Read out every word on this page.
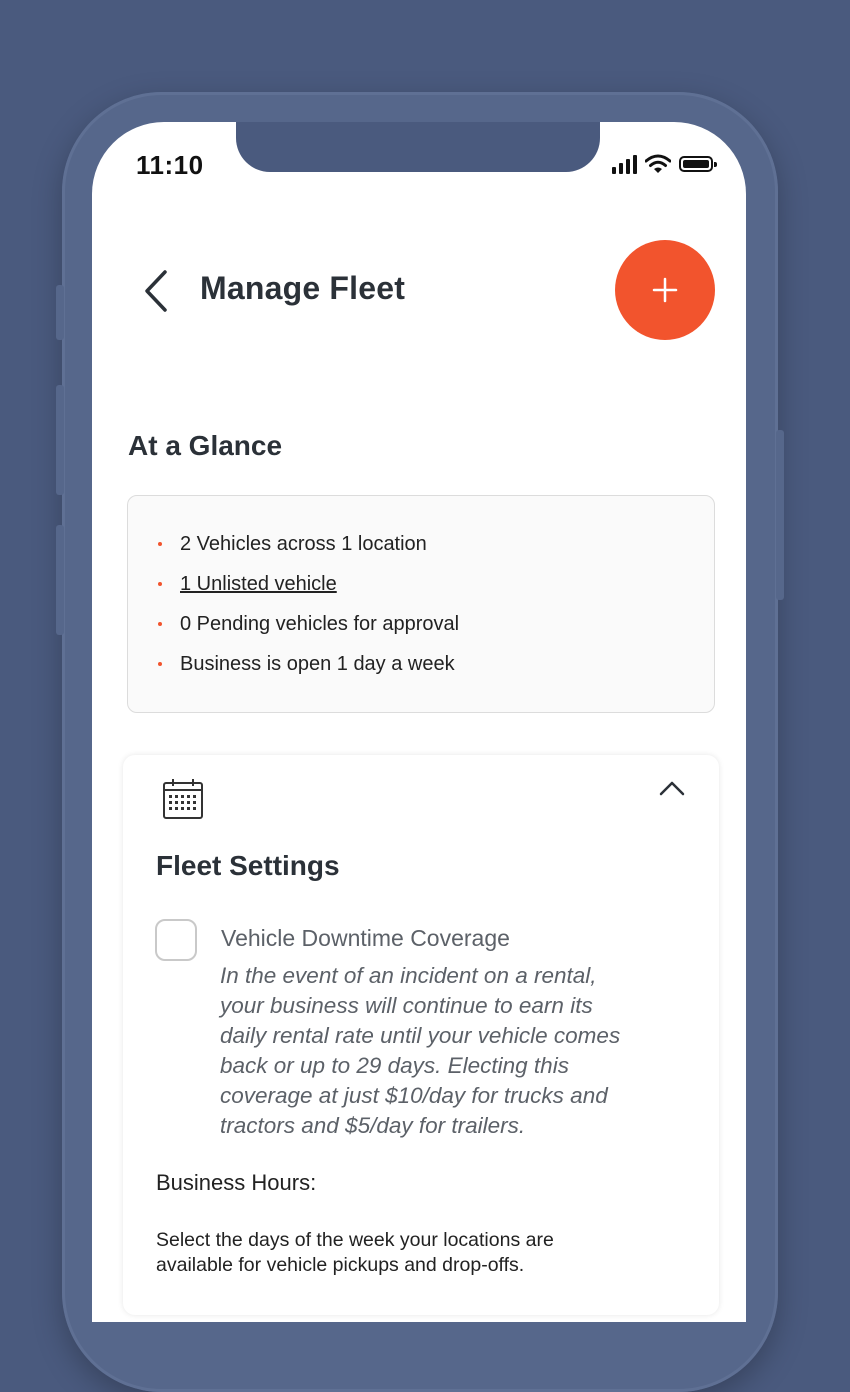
11:10
Manage Fleet
At a Glance
2 Vehicles across 1 location
1 Unlisted vehicle
0 Pending vehicles for approval
Business is open 1 day a week
Fleet Settings
Vehicle Downtime Coverage
In the event of an incident on a rental,
your business will continue to earn its
daily rental rate until your vehicle comes
back or up to 29 days. Electing this
coverage at just $10/day for trucks and
tractors and $5/day for trailers.
Business Hours:
Select the days of the week your locations are
available for vehicle pickups and drop-offs.
